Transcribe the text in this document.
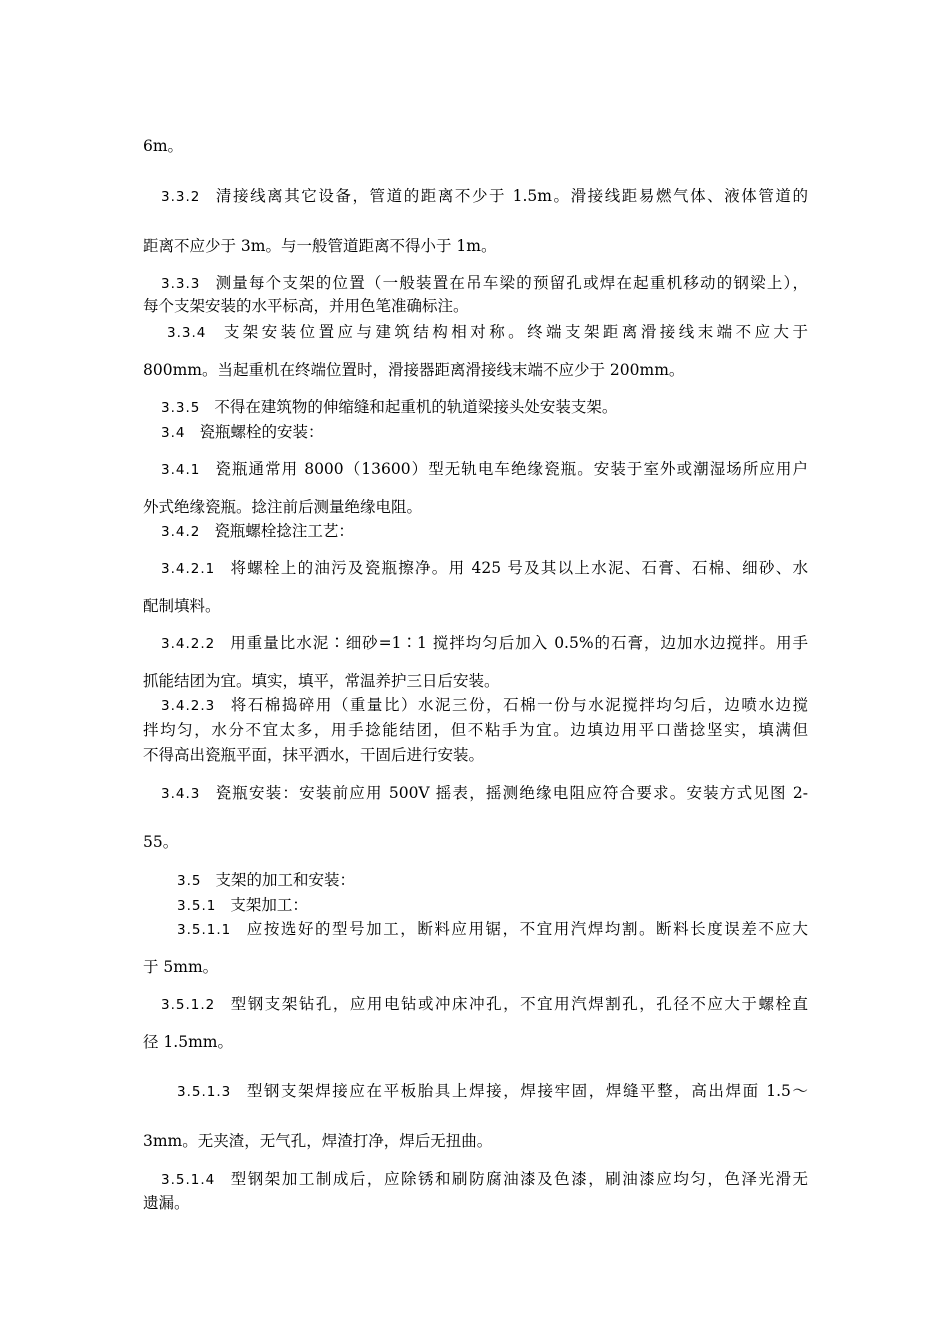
6m。
3.3.2 清接线离其它设备，管道的距离不少于 1.5m。滑接线距易燃气体、液体管道的
距离不应少于 3m。与一般管道距离不得小于 1m。
3.3.3 测量每个支架的位置（一般装置在吊车梁的预留孔或焊在起重机移动的钢梁上），
每个支架安装的水平标高，并用色笔准确标注。
3.3.4 支架安装位置应与建筑结构相对称。终端支架距离滑接线末端不应大于
800mm。当起重机在终端位置时，滑接器距离滑接线末端不应少于 200mm。
3.3.5 不得在建筑物的伸缩缝和起重机的轨道梁接头处安装支架。
3.4 瓷瓶螺栓的安装：
3.4.1 瓷瓶通常用 8000（13600）型无轨电车绝缘瓷瓶。安装于室外或潮湿场所应用户
外式绝缘瓷瓶。捻注前后测量绝缘电阻。
3.4.2 瓷瓶螺栓捻注工艺：
3.4.2.1 将螺栓上的油污及瓷瓶擦净。用 425 号及其以上水泥、石膏、石棉、细砂、水
配制填料。
3.4.2.2 用重量比水泥∶细砂=1∶1 搅拌均匀后加入 0.5%的石膏，边加水边搅拌。用手
抓能结团为宜。填实，填平，常温养护三日后安装。
3.4.2.3 将石棉捣碎用（重量比）水泥三份，石棉一份与水泥搅拌均匀后，边喷水边搅
拌均匀，水分不宜太多，用手捻能结团，但不粘手为宜。边填边用平口凿捻坚实，填满但
不得高出瓷瓶平面，抹平洒水，干固后进行安装。
3.4.3 瓷瓶安装：安装前应用 500V 摇表，摇测绝缘电阻应符合要求。安装方式见图 2-
55。
3.5 支架的加工和安装：
3.5.1 支架加工：
3.5.1.1 应按选好的型号加工，断料应用锯，不宜用汽焊均割。断料长度误差不应大
于 5mm。
3.5.1.2 型钢支架钻孔，应用电钻或冲床冲孔，不宜用汽焊割孔，孔径不应大于螺栓直
径 1.5mm。
3.5.1.3 型钢支架焊接应在平板胎具上焊接，焊接牢固，焊缝平整，高出焊面 1.5～
3mm。无夹渣，无气孔，焊渣打净，焊后无扭曲。
3.5.1.4 型钢架加工制成后，应除锈和刷防腐油漆及色漆，刷油漆应均匀，色泽光滑无
遗漏。
